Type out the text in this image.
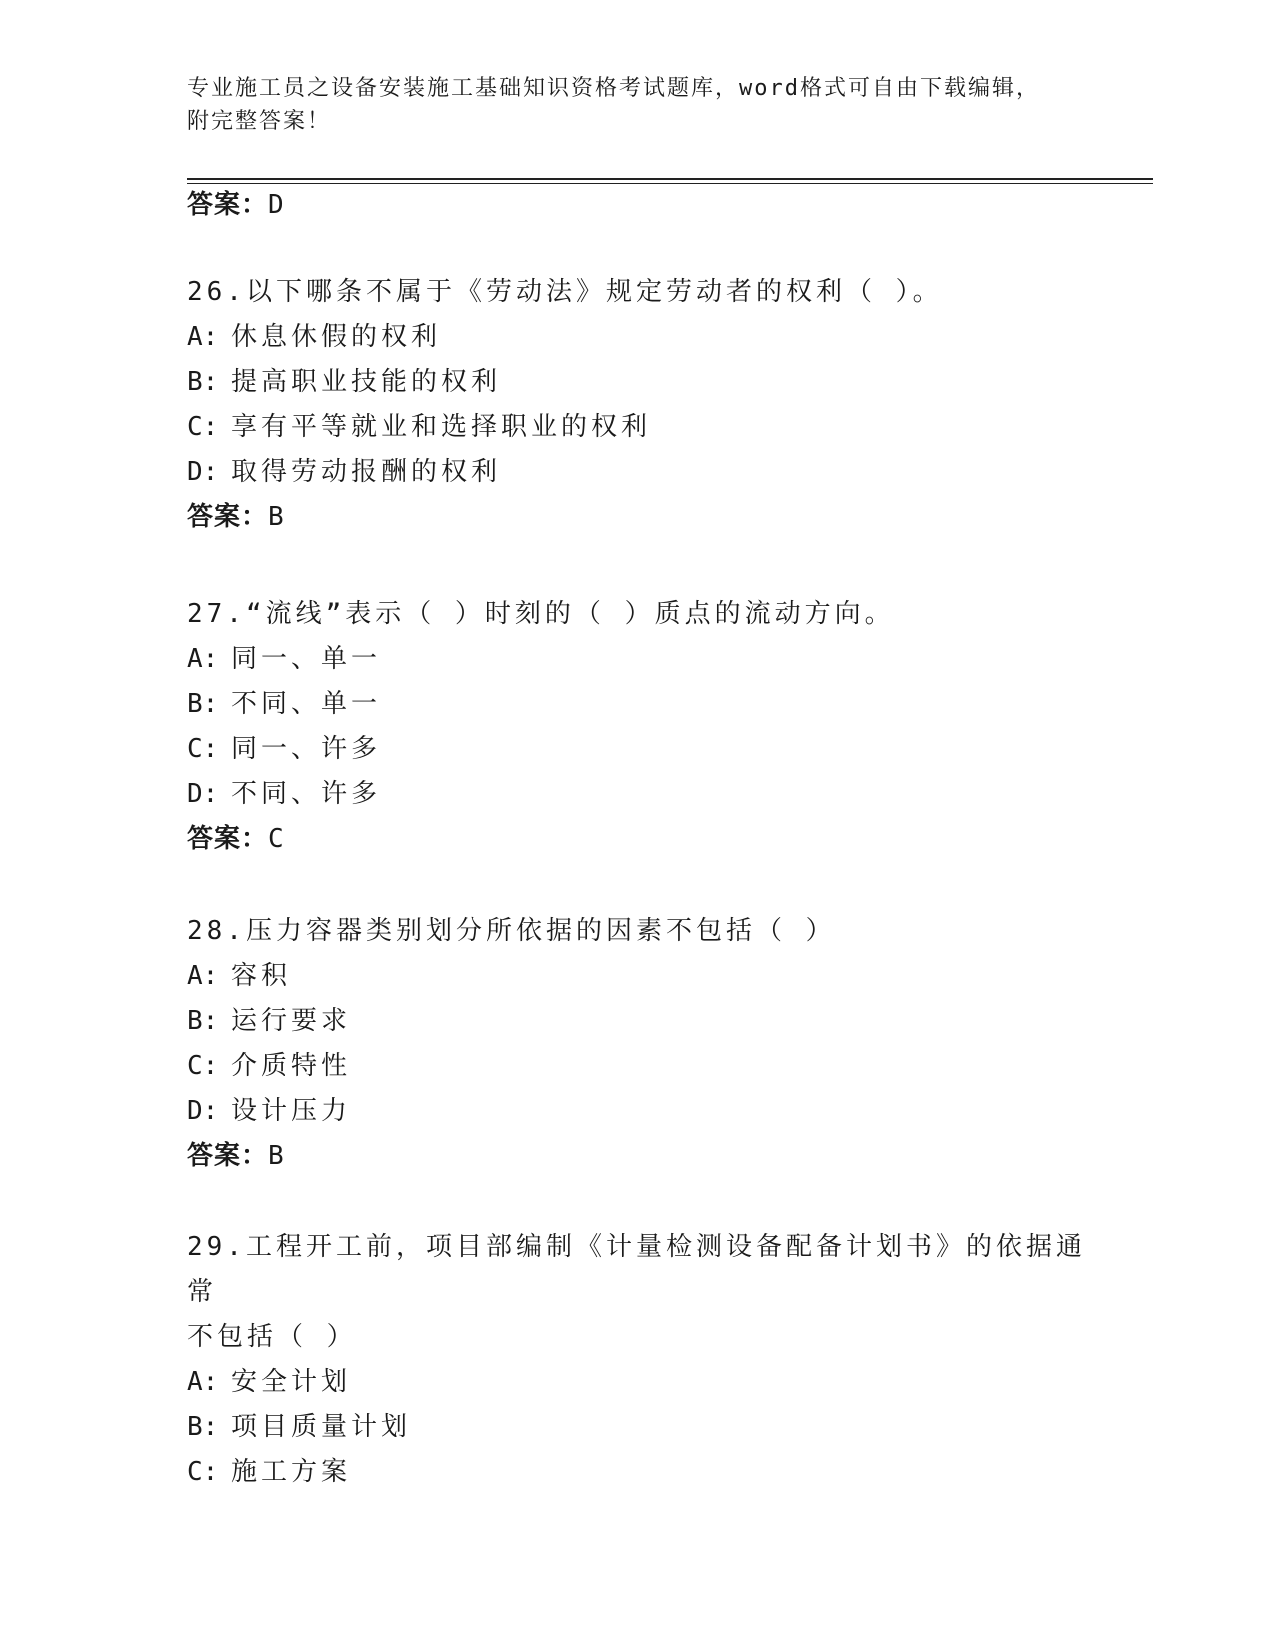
专业施工员之设备安装施工基础知识资格考试题库，word格式可自由下载编辑，
附完整答案！
答案：D
26.以下哪条不属于《劳动法》规定劳动者的权利（ ）。
A: 休息休假的权利
B: 提高职业技能的权利
C: 享有平等就业和选择职业的权利
D: 取得劳动报酬的权利
答案：B
27.“流线”表示（ ）时刻的（ ）质点的流动方向。
A: 同一、单一
B: 不同、单一
C: 同一、许多
D: 不同、许多
答案：C
28.压力容器类别划分所依据的因素不包括（ ）
A: 容积
B: 运行要求
C: 介质特性
D: 设计压力
答案：B
29.工程开工前，项目部编制《计量检测设备配备计划书》的依据通常
不包括（ ）
A: 安全计划
B: 项目质量计划
C: 施工方案
